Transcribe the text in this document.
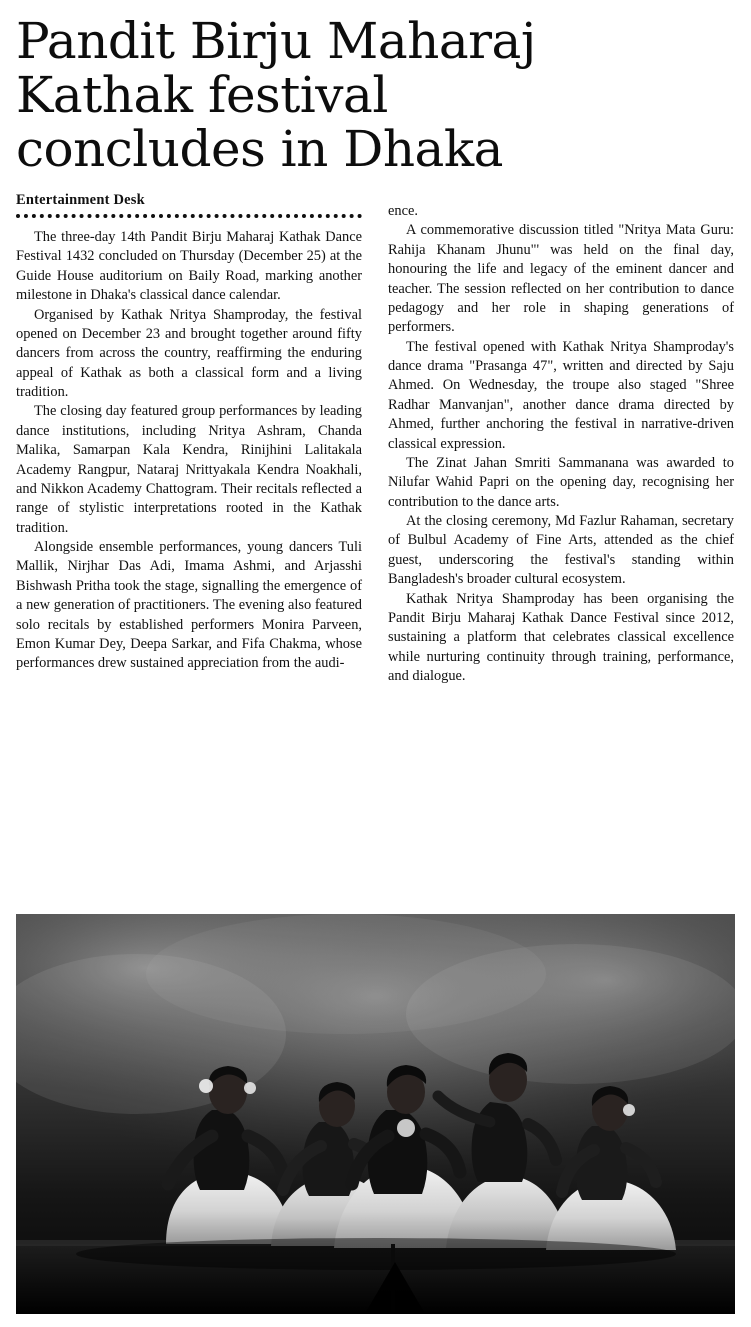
Pandit Birju Maharaj
Kathak festival
concludes in Dhaka
Entertainment Desk

The three-day 14th Pandit Birju Maharaj Kathak Dance Festival 1432 concluded on Thursday (December 25) at the Guide House auditorium on Baily Road, marking another milestone in Dhaka's classical dance calendar.

Organised by Kathak Nritya Shamproday, the festival opened on December 23 and brought together around fifty dancers from across the country, reaffirming the enduring appeal of Kathak as both a classical form and a living tradition.

The closing day featured group performances by leading dance institutions, including Nritya Ashram, Chanda Malika, Samarpan Kala Kendra, Rinijhini Lalitakala Academy Rangpur, Nataraj Nrittyakala Kendra Noakhali, and Nikkon Academy Chattogram. Their recitals reflected a range of stylistic interpretations rooted in the Kathak tradition.

Alongside ensemble performances, young dancers Tuli Mallik, Nirjhar Das Adi, Imama Ashmi, and Arjasshi Bishwash Pritha took the stage, signalling the emergence of a new generation of practitioners. The evening also featured solo recitals by established performers Monira Parveen, Emon Kumar Dey, Deepa Sarkar, and Fifa Chakma, whose performances drew sustained appreciation from the audi-

ence.

A commemorative discussion titled "Nritya Mata Guru: Rahija Khanam Jhunu"' was held on the final day, honouring the life and legacy of the eminent dancer and teacher. The session reflected on her contribution to dance pedagogy and her role in shaping generations of performers.

The festival opened with Kathak Nritya Shamproday's dance drama "Prasanga 47", written and directed by Saju Ahmed. On Wednesday, the troupe also staged "Shree Radhar Manvanjan", another dance drama directed by Ahmed, further anchoring the festival in narrative-driven classical expression.

The Zinat Jahan Smriti Sammanana was awarded to Nilufar Wahid Papri on the opening day, recognising her contribution to the dance arts.

At the closing ceremony, Md Fazlur Rahaman, secretary of Bulbul Academy of Fine Arts, attended as the chief guest, underscoring the festival's standing within Bangladesh's broader cultural ecosystem.

Kathak Nritya Shamproday has been organising the Pandit Birju Maharaj Kathak Dance Festival since 2012, sustaining a platform that celebrates classical excellence while nurturing continuity through training, performance, and dialogue.
